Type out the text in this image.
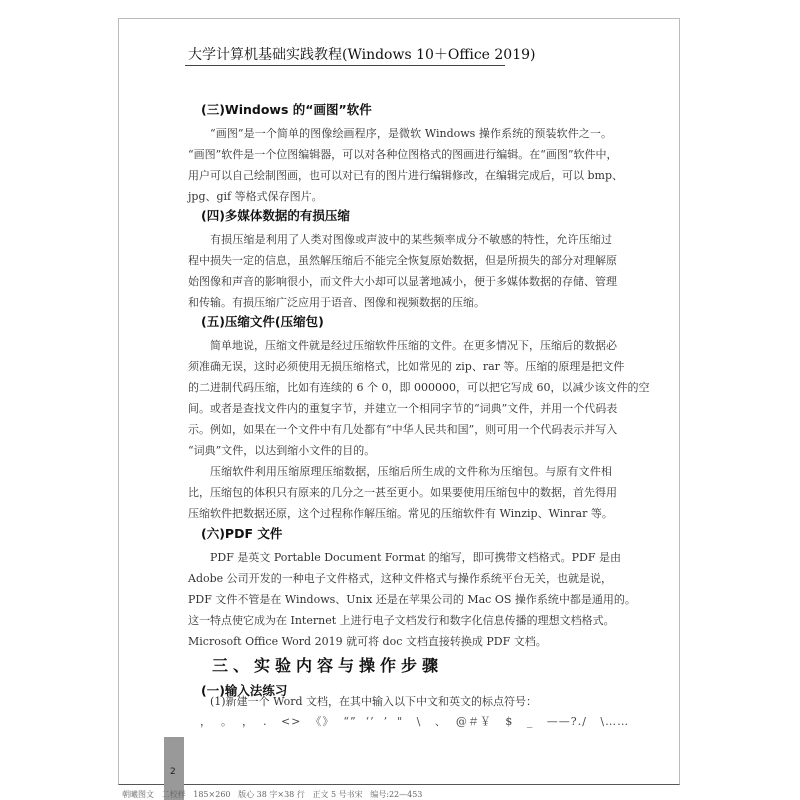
大学计算机基础实践教程(Windows 10＋Office 2019)
(三)Windows 的“画图”软件
“画图”是一个简单的图像绘画程序，是微软 Windows 操作系统的预装软件之一。
“画图”软件是一个位图编辑器，可以对各种位图格式的图画进行编辑。在“画图”软件中，
用户可以自己绘制图画，也可以对已有的图片进行编辑修改，在编辑完成后，可以 bmp、
jpg、gif 等格式保存图片。
(四)多媒体数据的有损压缩
有损压缩是利用了人类对图像或声波中的某些频率成分不敏感的特性，允许压缩过
程中损失一定的信息，虽然解压缩后不能完全恢复原始数据，但是所损失的部分对理解原
始图像和声音的影响很小，而文件大小却可以显著地减小，便于多媒体数据的存储、管理
和传输。有损压缩广泛应用于语音、图像和视频数据的压缩。
(五)压缩文件(压缩包)
简单地说，压缩文件就是经过压缩软件压缩的文件。在更多情况下，压缩后的数据必
须准确无误，这时必须使用无损压缩格式，比如常见的 zip、rar 等。压缩的原理是把文件
的二进制代码压缩，比如有连续的 6 个 0，即 000000，可以把它写成 60，以减少该文件的空
间。或者是查找文件内的重复字节，并建立一个相同字节的“词典”文件，并用一个代码表
示。例如，如果在一个文件中有几处都有“中华人民共和国”，则可用一个代码表示并写入
“词典”文件，以达到缩小文件的目的。
压缩软件利用压缩原理压缩数据，压缩后所生成的文件称为压缩包。与原有文件相
比，压缩包的体积只有原来的几分之一甚至更小。如果要使用压缩包中的数据，首先得用
压缩软件把数据还原，这个过程称作解压缩。常见的压缩软件有 Winzip、Winrar 等。
(六)PDF 文件
PDF 是英文 Portable Document Format 的缩写，即可携带文档格式。PDF 是由
Adobe 公司开发的一种电子文件格式，这种文件格式与操作系统平台无关，也就是说，
PDF 文件不管是在 Windows、Unix 还是在苹果公司的 Mac OS 操作系统中都是通用的。
这一特点使它成为在 Internet 上进行电子文档发行和数字化信息传播的理想文档格式。
Microsoft Office Word 2019 就可将 doc 文档直接转换成 PDF 文档。
三、实验内容与操作步骤
(一)输入法练习
(1)新建一个 Word 文档，在其中输入以下中文和英文的标点符号：
，  。  ，  .   <>  《》  “”  ‘’  ’  "   \   、  @＃￥   $   _   ——?./   \……
2
朝曦图文   二校样   185×260   版心 38 字×38 行   正文 5 号书宋   编号:22—453
